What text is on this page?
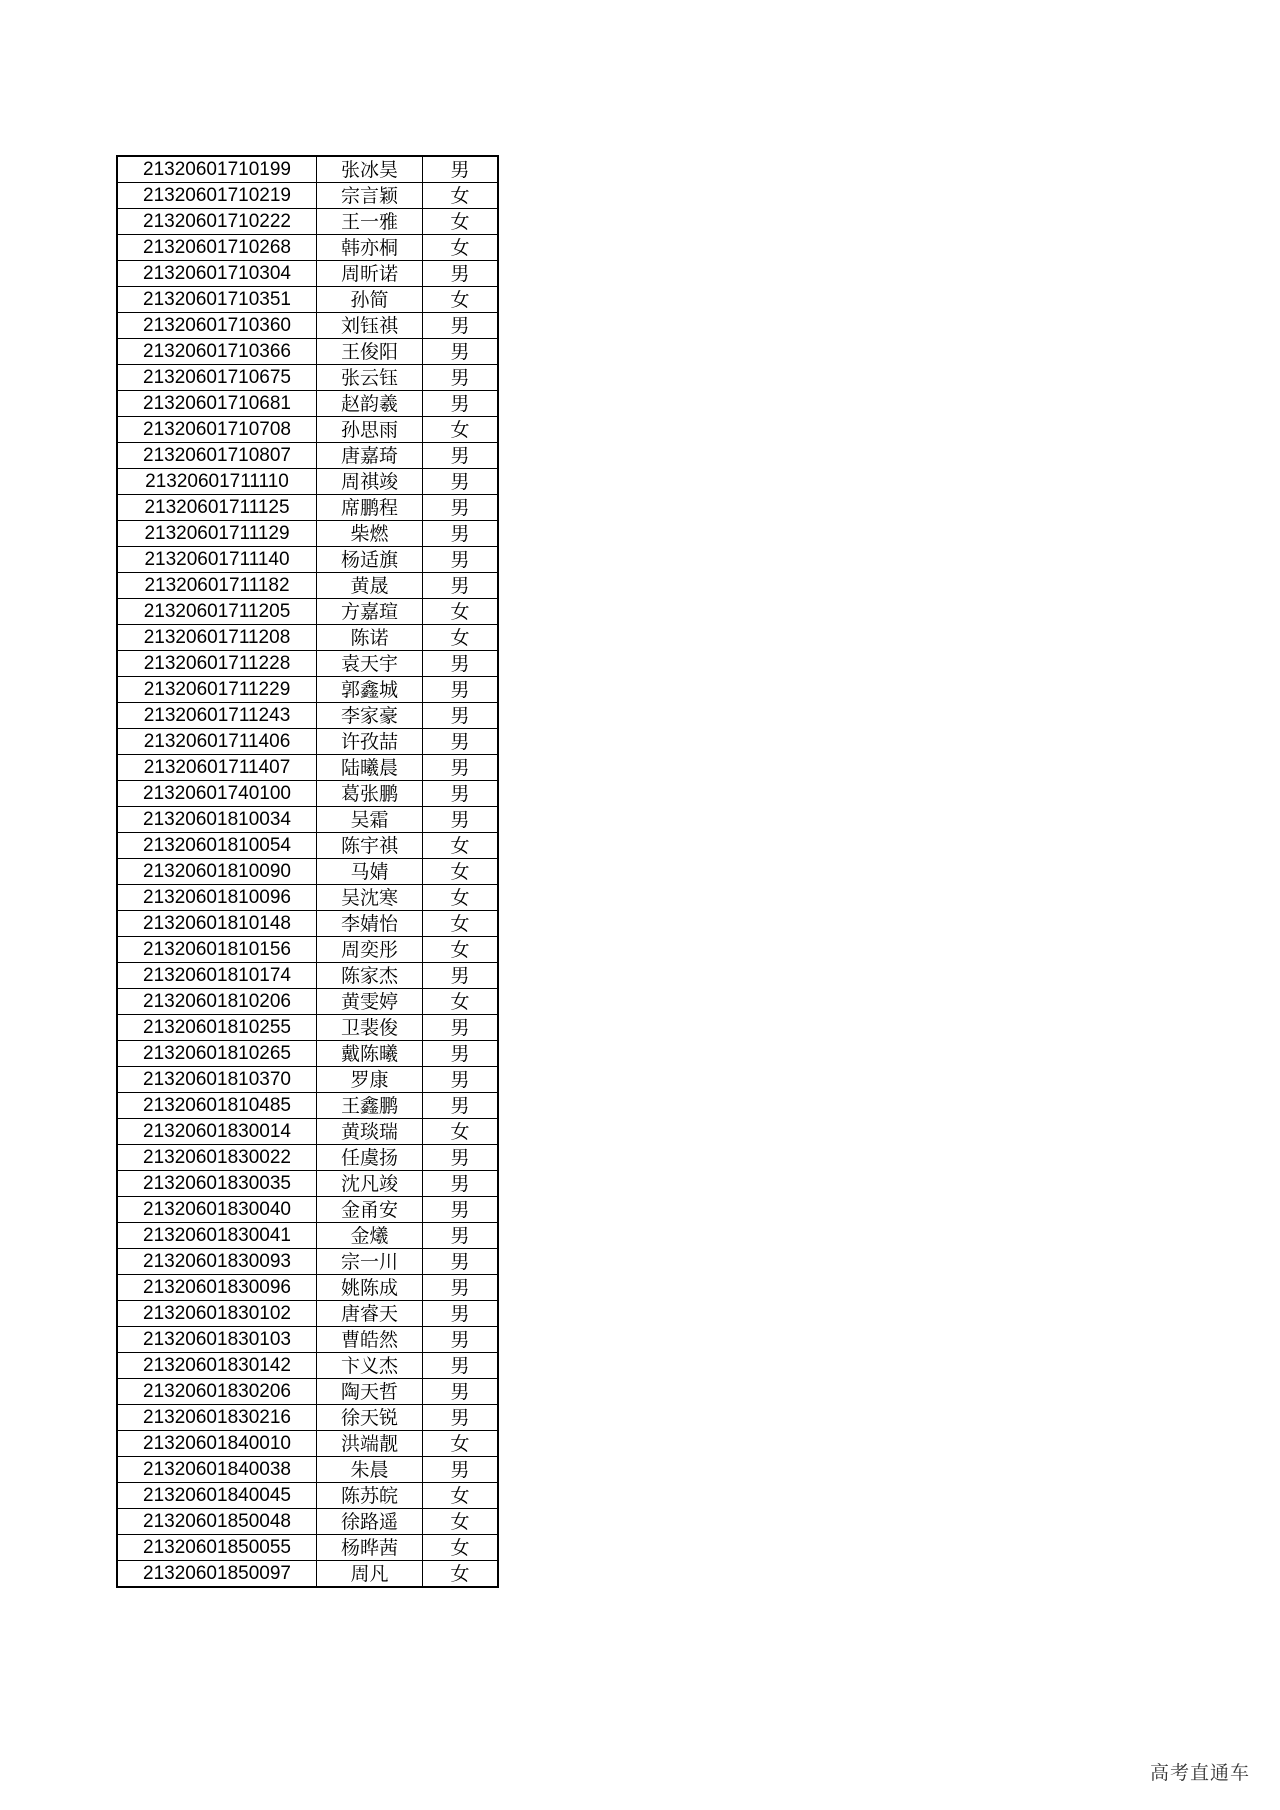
21320601710199	张冰昊	男
21320601710219	宗言颖	女
21320601710222	王一雅	女
21320601710268	韩亦桐	女
21320601710304	周昕诺	男
21320601710351	孙简	女
21320601710360	刘钰祺	男
21320601710366	王俊阳	男
21320601710675	张云钰	男
21320601710681	赵韵羲	男
21320601710708	孙思雨	女
21320601710807	唐嘉琦	男
21320601711110	周祺竣	男
21320601711125	席鹏程	男
21320601711129	柴燃	男
21320601711140	杨适旗	男
21320601711182	黄晟	男
21320601711205	方嘉瑄	女
21320601711208	陈诺	女
21320601711228	袁天宇	男
21320601711229	郭鑫城	男
21320601711243	李家豪	男
21320601711406	许孜喆	男
21320601711407	陆曦晨	男
21320601740100	葛张鹏	男
21320601810034	吴霜	男
21320601810054	陈宇祺	女
21320601810090	马婧	女
21320601810096	吴沈寒	女
21320601810148	李婧怡	女
21320601810156	周奕彤	女
21320601810174	陈家杰	男
21320601810206	黄雯婷	女
21320601810255	卫裴俊	男
21320601810265	戴陈曦	男
21320601810370	罗康	男
21320601810485	王鑫鹏	男
21320601830014	黄琰瑞	女
21320601830022	任虞扬	男
21320601830035	沈凡竣	男
21320601830040	金甬安	男
21320601830041	金爔	男
21320601830093	宗一川	男
21320601830096	姚陈成	男
21320601830102	唐睿天	男
21320601830103	曹皓然	男
21320601830142	卞义杰	男
21320601830206	陶天哲	男
21320601830216	徐天锐	男
21320601840010	洪端靓	女
21320601840038	朱晨	男
21320601840045	陈苏皖	女
21320601850048	徐路遥	女
21320601850055	杨晔茜	女
21320601850097	周凡	女
高考直通车
